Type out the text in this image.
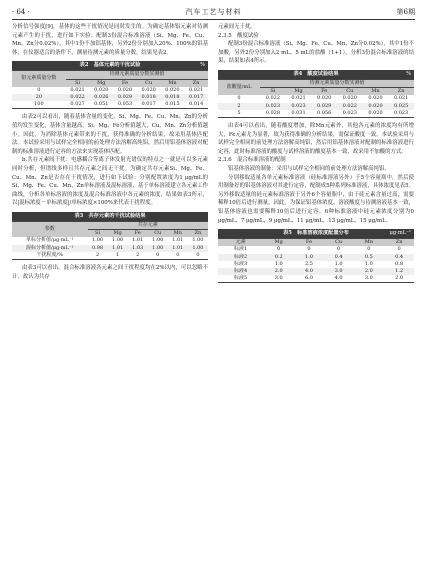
· 64 ·	汽车工艺与材料	第6期

分析信号强度[9]，基体的这些干扰情况是同时发生的。为确定基体铝元素对待测元素产生的干扰，进行如下实验：配制3份混合标准溶液（Si、Mg、Fe、Cu、Mn、Zn分0.02%），其中1份不加铝基体，另外2份分别加入20%、100%的铝基体，在仪器适合的条件下，测量待测元素的质量分数，结果见表2。

表2　基体元素的干扰试验	%
铝元素质量分数	待测元素质量分数实测值					
	Si	Mg	Fe	Cu	Mn	Zn
0	0.021	0.020	0.020	0.020	0.020	0.021
20	0.022	0.026	0.029	0.018	0.018	0.017
100	0.027	0.051	0.053	0.017	0.015	0.014

由表2可以看出，随着基体含量的变化，Si、Mg、Fe、Cu、Mn、Zn的分析值均发生变化，基体含量越高，Si、Mg、Fe分析值越大，Cu、Mn、Zn分析值越小。因此，为消除基体元素带来的干扰，获得准确的分析结果，故采用基体匹配法。本试验采用与试样完全相同的前处理方法溶解高纯铝，然后用铝基体溶液对配制的标准溶液进行定容的方法来实现基体匹配。

b.共存元素间干扰：电感耦合等离子体发射光谱仪的特点之一就是可以多元素同时分析，但谱线多样且共存元素之间无干扰。为确定共存元素Si、Mg、Fe、Cu、Mn、Zn是否存在干扰情况，进行如下试验：分别配置浓度为1 μg/mL的Si、Mg、Fe、Cu、Mn、Zn单标溶液及混标溶液，基于单标溶液建立各元素工作曲线，分析各单标溶液的浓度及混合标准溶液中各元素的浓度，结果如表3所示，以|混标浓度－单标浓度|/单标浓度×100%来代表干扰程度。

表3　共存元素的干扰试验结果
参数	共存元素					
	Si	Mg	Fe	Cu	Mn	Zn
单标分析值/μg·mL⁻¹	1.00	1.00	1.01	1.00	1.01	1.00
混标分析值/μg·mL⁻¹	0.98	1.01	1.03	1.00	1.01	1.00
干扰程度/%	2	1	2	0	0	0

由表3可以看出，混合标准溶液各元素之间干扰程度均在2%以内，可以忽略不计，故认为共存

元素间无干扰。

2.3.5　酸度试验

配制3份混合标准溶液（Si、Mg、Fe、Cu、Mn、Zn分0.02%），其中1份不加酸，另外2份分别加入2 mL、5 mL的盐酸（1+1），分析3份混合标准溶液的结果，结果如表4所示。

表4　酸度试验结果	%
盐酸量/mL	待测元素质量分数实测值					
	Si	Mg	Fe	Cu	Mn	Zn
0	0.022	0.021	0.020	0.020	0.020	0.021
2	0.023	0.023	0.029	0.022	0.020	0.025
5	0.028	0.031	0.056	0.023	0.020	0.023

由表4可以看出，随着酸度增加，除Mn元素外，其他各元素的浓度均有所增大，Fe元素尤为显著，故为获得准确的分析结果，需保证酸度一致。本试验采用与试样完全相同的前处理方法溶解高纯铝，然后用铝基体溶液对配制的标准溶液进行定容，此时标准溶液的酸度与试样溶液的酸度基本一致，故采用不加酸的方式。

2.3.6　混合标准溶液的配制

铝基体溶液的制备：采用与试样完全相同的前处理方法溶解高纯铝。

分别移取适量各单元素标准溶液（硅标准溶液另外）于5个容量瓶中，然后使用制备好的铝基体溶液对其进行定容，配制成5种系列标准溶液，具体浓度见表5。另外移取适量的硅元素标准溶液于另外6个容量瓶中，由于硅元素含量过高，需要稀释10倍后进行测量，因此，为保证铝基体浓度、溶液酸度与待测溶液基本一致，铝基体溶液也需要稀释10倍后进行定容。6种标准溶液中硅元素浓度分别为0 μg/mL，7 μg/mL，9 μg/mL，11 μg/mL，13 μg/mL，15 μg/mL。

表5　标准溶液浓度配置分布	μg·mL⁻¹
元素	Mg	Fe	Cu	Mn	Zn
标液1	0	0	0	0	0
标液2	0.2	1.0	0.4	0.5	0.4
标液3	1.0	2.5	1.0	1.0	0.8
标液4	2.0	4.0	3.0	2.0	1.2
标液5	3.0	6.0	4.0	3.0	2.0
